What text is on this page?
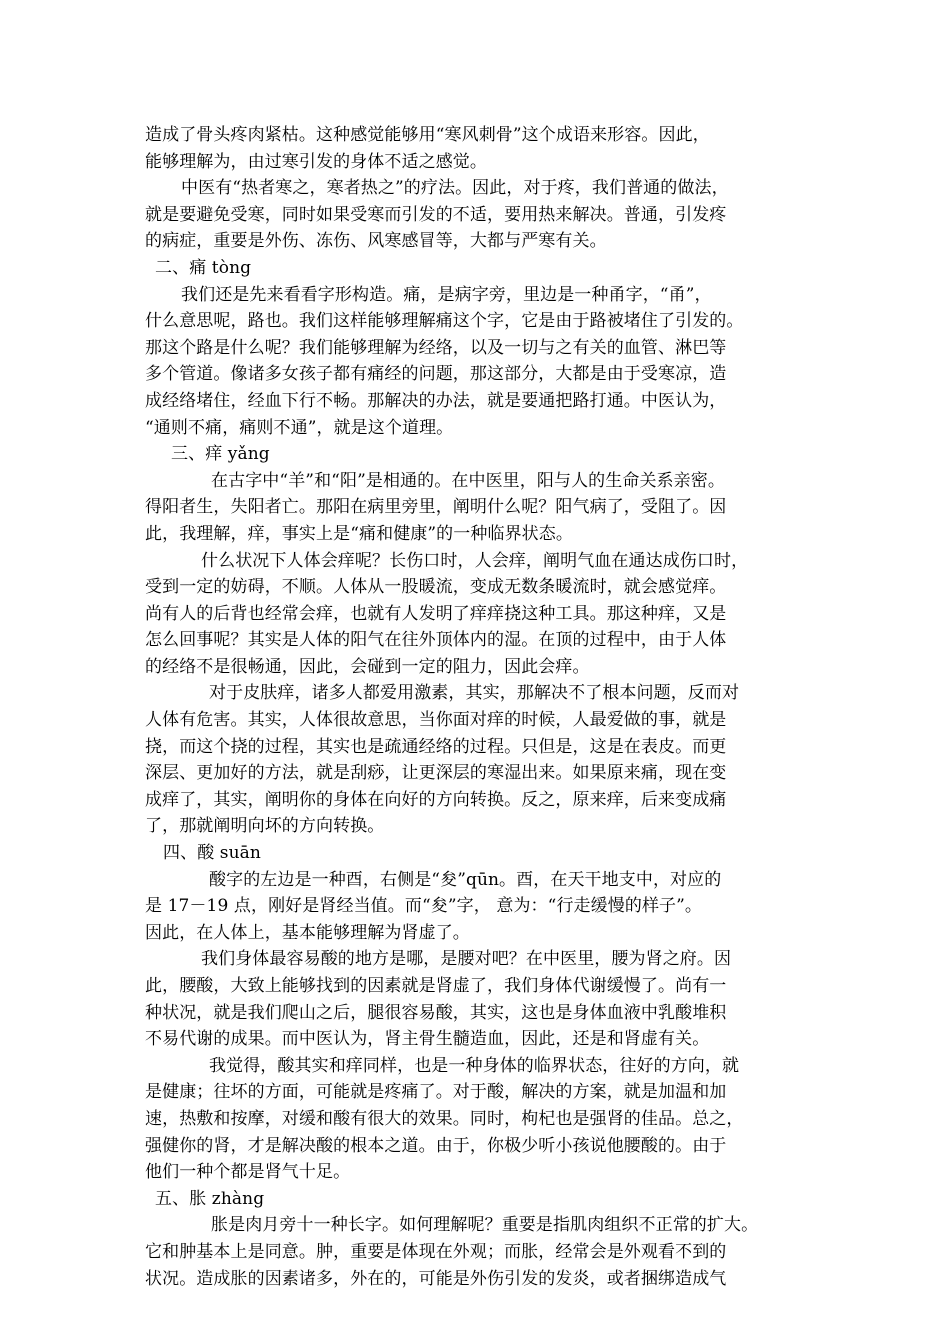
造成了骨头疼肉紧枯。这种感觉能够用“寒风刺骨”这个成语来形容。因此，
能够理解为，由过寒引发的身体不适之感觉。
中医有“热者寒之，寒者热之”的疗法。因此，对于疼，我们普通的做法，
就是要避免受寒，同时如果受寒而引发的不适，要用热来解决。普通，引发疼
的病症，重要是外伤、冻伤、风寒感冒等，大都与严寒有关。
二、痛 tòng
我们还是先来看看字形构造。痛，是病字旁，里边是一种甬字，“甬”，
什么意思呢，路也。我们这样能够理解痛这个字，它是由于路被堵住了引发的。
那这个路是什么呢？我们能够理解为经络，以及一切与之有关的血管、淋巴等
多个管道。像诸多女孩子都有痛经的问题，那这部分，大都是由于受寒凉，造
成经络堵住，经血下行不畅。那解决的办法，就是要通把路打通。中医认为，
“通则不痛，痛则不通”，就是这个道理。
三、痒 yǎng
在古字中“羊”和“阳”是相通的。在中医里，阳与人的生命关系亲密。
得阳者生，失阳者亡。那阳在病里旁里，阐明什么呢？阳气病了，受阻了。因
此，我理解，痒，事实上是“痛和健康”的一种临界状态。
什么状况下人体会痒呢？长伤口时，人会痒，阐明气血在通达成伤口时，
受到一定的妨碍，不顺。人体从一股暖流，变成无数条暖流时，就会感觉痒。
尚有人的后背也经常会痒，也就有人发明了痒痒挠这种工具。那这种痒，又是
怎么回事呢？其实是人体的阳气在往外顶体内的湿。在顶的过程中，由于人体
的经络不是很畅通，因此，会碰到一定的阻力，因此会痒。
对于皮肤痒，诸多人都爱用激素，其实，那解决不了根本问题，反而对
人体有危害。其实，人体很故意思，当你面对痒的时候，人最爱做的事，就是
挠，而这个挠的过程，其实也是疏通经络的过程。只但是，这是在表皮。而更
深层、更加好的方法，就是刮痧，让更深层的寒湿出来。如果原来痛，现在变
成痒了，其实，阐明你的身体在向好的方向转换。反之，原来痒，后来变成痛
了，那就阐明向坏的方向转换。
四、酸 suān
酸字的左边是一种酉，右侧是“夋”qūn。酉，在天干地支中，对应的
是 17－19 点，刚好是肾经当值。而“夋”字， 意为：“行走缓慢的样子”。
因此，在人体上，基本能够理解为肾虚了。
我们身体最容易酸的地方是哪，是腰对吧？在中医里，腰为肾之府。因
此，腰酸，大致上能够找到的因素就是肾虚了，我们身体代谢缓慢了。尚有一
种状况，就是我们爬山之后，腿很容易酸，其实，这也是身体血液中乳酸堆积
不易代谢的成果。而中医认为，肾主骨生髓造血，因此，还是和肾虚有关。
我觉得，酸其实和痒同样，也是一种身体的临界状态，往好的方向，就
是健康；往坏的方面，可能就是疼痛了。对于酸，解决的方案，就是加温和加
速，热敷和按摩，对缓和酸有很大的效果。同时，枸杞也是强肾的佳品。总之，
强健你的肾，才是解决酸的根本之道。由于，你极少听小孩说他腰酸的。由于
他们一种个都是肾气十足。
五、胀 zhàng
胀是肉月旁十一种长字。如何理解呢？重要是指肌肉组织不正常的扩大。
它和肿基本上是同意。肿，重要是体现在外观；而胀，经常会是外观看不到的
状况。造成胀的因素诸多，外在的，可能是外伤引发的发炎，或者捆绑造成气
